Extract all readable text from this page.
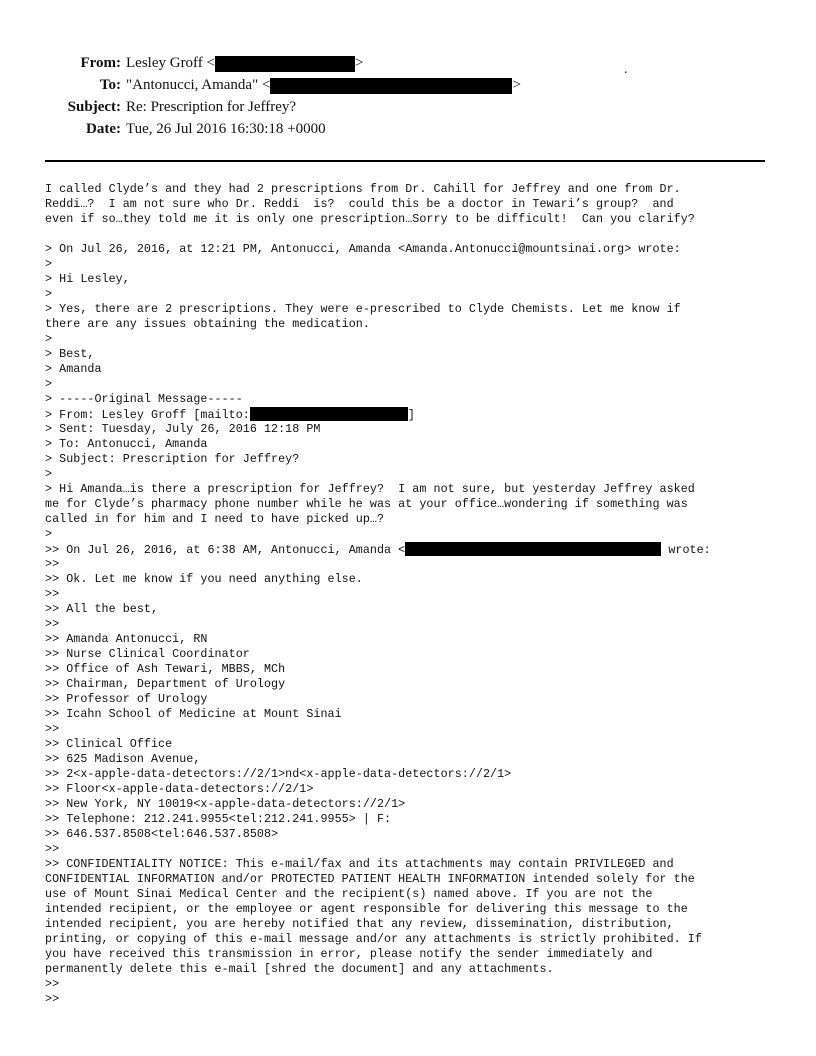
From: Lesley Groff <	>
To: "Antonucci, Amanda" <	>
Subject: Re: Prescription for Jeffrey?
Date: Tue, 26 Jul 2016 16:30:18 +0000
.
I called Clyde’s and they had 2 prescriptions from Dr. Cahill for Jeffrey and one from Dr.
Reddi…?  I am not sure who Dr. Reddi  is?  could this be a doctor in Tewari’s group?  and
even if so…they told me it is only one prescription…Sorry to be difficult!  Can you clarify?
> On Jul 26, 2016, at 12:21 PM, Antonucci, Amanda <Amanda.Antonucci@mountsinai.org> wrote:
>
> Hi Lesley,
>
> Yes, there are 2 prescriptions. They were e-prescribed to Clyde Chemists. Let me know if
there are any issues obtaining the medication.
>
> Best,
> Amanda
>
> -----Original Message-----
> From: Lesley Groff [mailto:	]
> Sent: Tuesday, July 26, 2016 12:18 PM
> To: Antonucci, Amanda
> Subject: Prescription for Jeffrey?
>
> Hi Amanda…is there a prescription for Jeffrey?  I am not sure, but yesterday Jeffrey asked
me for Clyde’s pharmacy phone number while he was at your office…wondering if something was
called in for him and I need to have picked up…?
>
>> On Jul 26, 2016, at 6:38 AM, Antonucci, Amanda <	wrote:
>>
>> Ok. Let me know if you need anything else.
>>
>> All the best,
>>
>> Amanda Antonucci, RN
>> Nurse Clinical Coordinator
>> Office of Ash Tewari, MBBS, MCh
>> Chairman, Department of Urology
>> Professor of Urology
>> Icahn School of Medicine at Mount Sinai
>>
>> Clinical Office
>> 625 Madison Avenue,
>> 2<x-apple-data-detectors://2/1>nd<x-apple-data-detectors://2/1>
>> Floor<x-apple-data-detectors://2/1>
>> New York, NY 10019<x-apple-data-detectors://2/1>
>> Telephone: 212.241.9955<tel:212.241.9955> | F:
>> 646.537.8508<tel:646.537.8508>
>>
>> CONFIDENTIALITY NOTICE: This e-mail/fax and its attachments may contain PRIVILEGED and
CONFIDENTIAL INFORMATION and/or PROTECTED PATIENT HEALTH INFORMATION intended solely for the
use of Mount Sinai Medical Center and the recipient(s) named above. If you are not the
intended recipient, or the employee or agent responsible for delivering this message to the
intended recipient, you are hereby notified that any review, dissemination, distribution,
printing, or copying of this e-mail message and/or any attachments is strictly prohibited. If
you have received this transmission in error, please notify the sender immediately and
permanently delete this e-mail [shred the document] and any attachments.
>>
>>
